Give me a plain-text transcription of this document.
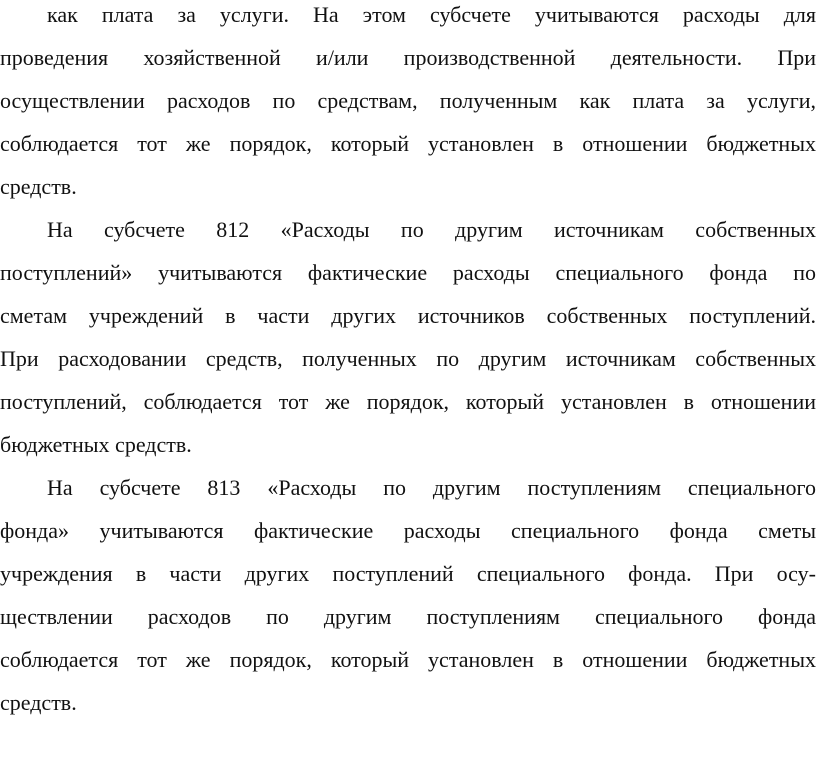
как плата за услуги. На этом субсчете учитываются расходы для
проведения хозяйственной и/или производственной деятельности. При
осуществлении расходов по средствам, полученным как плата за услуги,
соблюдается тот же порядок, который установлен в отношении бюджетных
средств.
На субсчете 812 «Расходы по другим источникам собственных
поступлений» учитываются фактические расходы специального фонда по
сметам учреждений в части других источников собственных поступлений.
При расходовании средств, полученных по другим источникам собственных
поступлений, соблюдается тот же порядок, который установлен в отношении
бюджетных средств.
На субсчете 813 «Расходы по другим поступлениям специального
фонда» учитываются фактические расходы специального фонда сметы
учреждения в части других поступлений специального фонда. При осу-
ществлении расходов по другим поступлениям специального фонда
соблюдается тот же порядок, который установлен в отношении бюджетных
средств.
